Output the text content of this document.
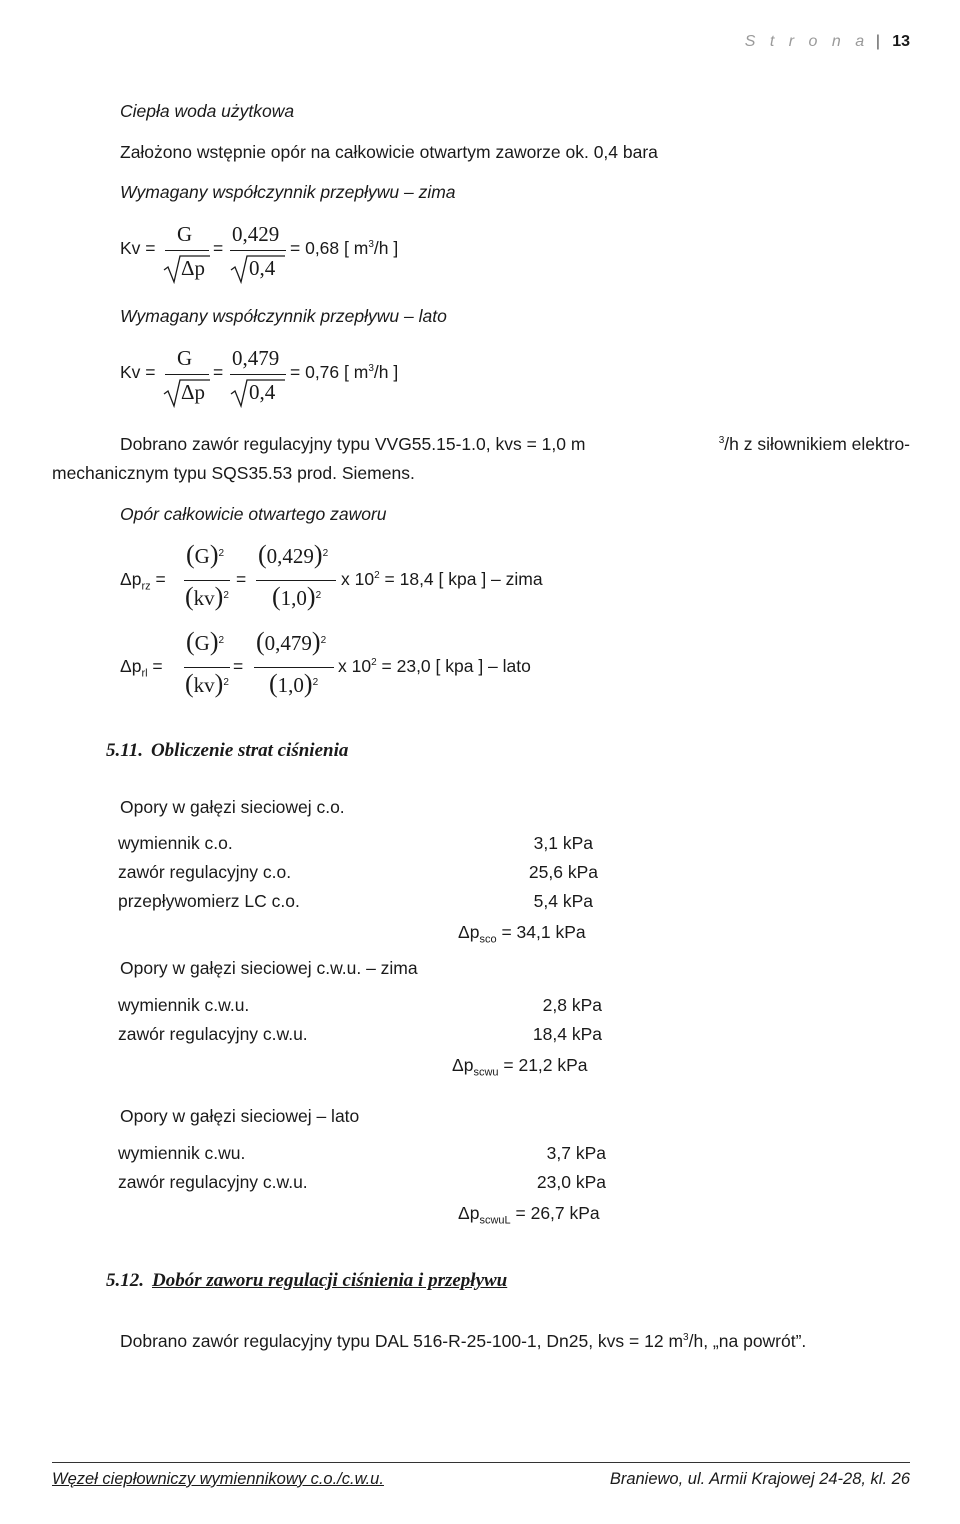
S t r o n a | 13
Ciepła woda użytkowa
Założono wstępnie opór na całkowicie otwartym zaworze ok. 0,4 bara
Wymagany współczynnik przepływu – zima
Kv =
G
Δp
=
0,429
0,4
= 0,68 [ $m^3/h$ ]
Wymagany współczynnik przepływu – lato
Kv =
G
Δp
=
0,479
0,4
= 0,76 [ $m^3/h$ ]
Dobrano zawór regulacyjny typu VVG55.15-1.0, kvs = 1,0 m	$^3$/h z siłownikiem elektro-
mechanicznym typu SQS35.53 prod. Siemens.
Opór całkowicie otwartego zaworu
$\Delta p_{rz}$ =
$(G)^2$
(kv)$^2$
=
$(0,429)^2$
$(1,0)^2$
x $10^2 = 18,4$ [ kpa ] – zima
$\Delta p_{rl}$ =
$(G)^2$
(kv)$^2$
=
$(0,479)^2$
$(1,0)^2$
x $10^2 = 23,0$ [ kpa ] – lato
5.11. Obliczenie strat ciśnienia
Opory w gałęzi sieciowej c.o.
wymiennik c.o.	3,1 kPa
zawór regulacyjny c.o.	25,6 kPa
przepływomierz LC c.o.	5,4 kPa
$\Delta p_{sco} = 34,1$ kPa
Opory w gałęzi sieciowej c.w.u. – zima
wymiennik c.w.u.	2,8 kPa
zawór regulacyjny c.w.u.	18,4 kPa
$\Delta p_{scwu} = 21,2$ kPa
Opory w gałęzi sieciowej – lato
wymiennik c.wu.	3,7 kPa
zawór regulacyjny c.w.u.	23,0 kPa
$\Delta p_{scwuL} = 26,7$ kPa
5.12. Dobór zaworu regulacji ciśnienia i przepływu
Dobrano zawór regulacyjny typu DAL 516-R-25-100-1, Dn25, kvs = 12 $m^3/h$, „na powrót”.
Węzeł ciepłowniczy wymiennikowy c.o./c.w.u.	Braniewo, ul. Armii Krajowej 24-28, kl. 26
